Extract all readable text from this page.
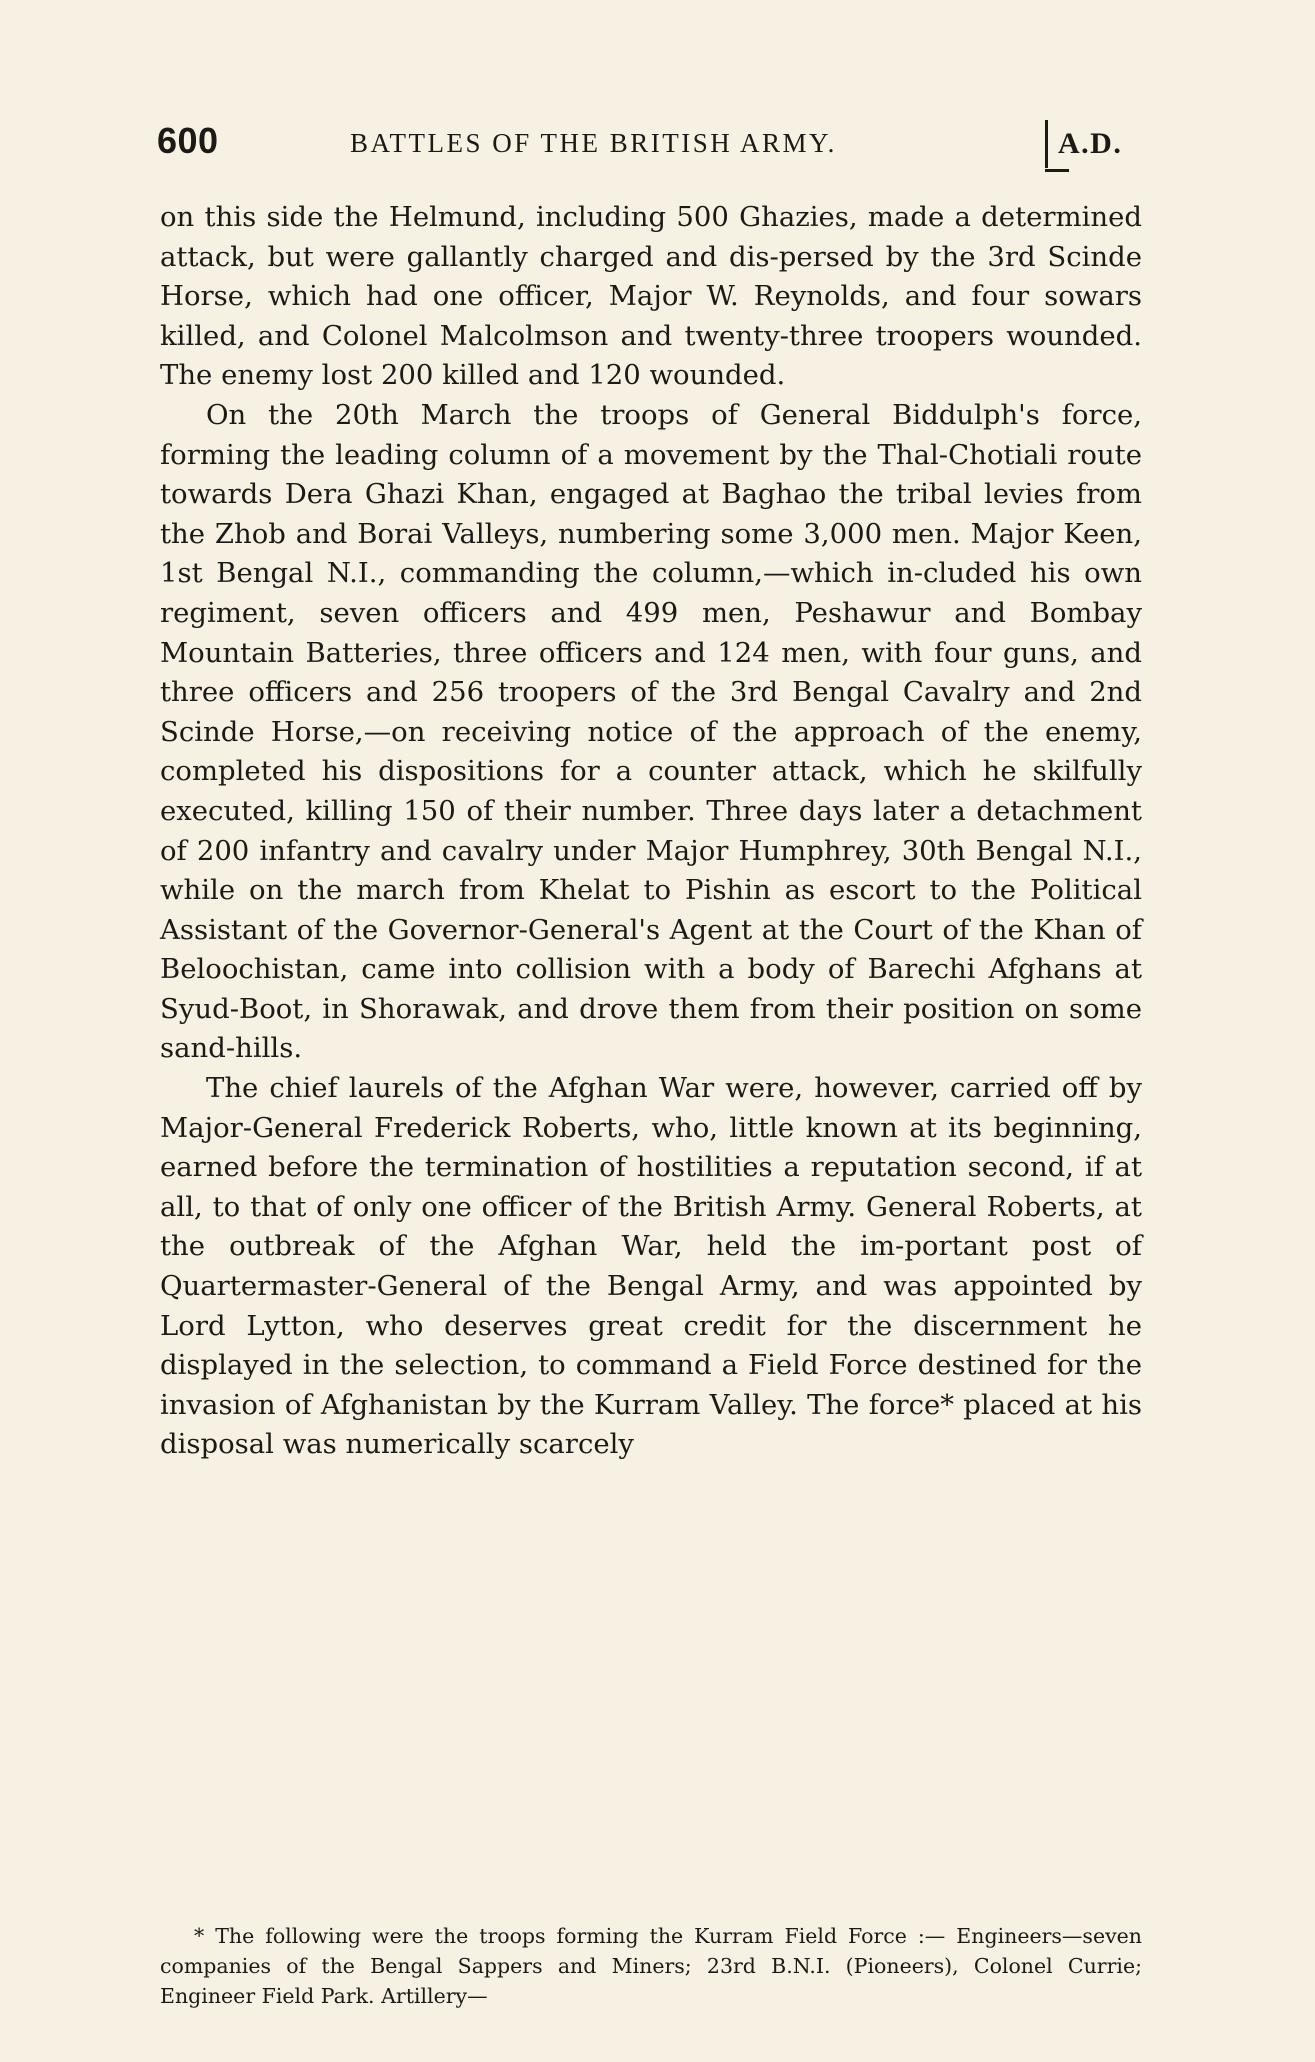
600	BATTLES OF THE BRITISH ARMY.	A.D.

on this side the Helmund, including 500 Ghazies, made a determined attack, but were gallantly charged and dis-persed by the 3rd Scinde Horse, which had one officer, Major W. Reynolds, and four sowars killed, and Colonel Malcolmson and twenty-three troopers wounded. The enemy lost 200 killed and 120 wounded.

On the 20th March the troops of General Biddulph's force, forming the leading column of a movement by the Thal-Chotiali route towards Dera Ghazi Khan, engaged at Baghao the tribal levies from the Zhob and Borai Valleys, numbering some 3,000 men. Major Keen, 1st Bengal N.I., commanding the column,—which in-cluded his own regiment, seven officers and 499 men, Peshawur and Bombay Mountain Batteries, three officers and 124 men, with four guns, and three officers and 256 troopers of the 3rd Bengal Cavalry and 2nd Scinde Horse,—on receiving notice of the approach of the enemy, completed his dispositions for a counter attack, which he skilfully executed, killing 150 of their number. Three days later a detachment of 200 infantry and cavalry under Major Humphrey, 30th Bengal N.I., while on the march from Khelat to Pishin as escort to the Political Assistant of the Governor-General's Agent at the Court of the Khan of Beloochistan, came into collision with a body of Barechi Afghans at Syud-Boot, in Shorawak, and drove them from their position on some sand-hills.

The chief laurels of the Afghan War were, however, carried off by Major-General Frederick Roberts, who, little known at its beginning, earned before the termination of hostilities a reputation second, if at all, to that of only one officer of the British Army. General Roberts, at the outbreak of the Afghan War, held the im-portant post of Quartermaster-General of the Bengal Army, and was appointed by Lord Lytton, who deserves great credit for the discernment he displayed in the selection, to command a Field Force destined for the invasion of Afghanistan by the Kurram Valley. The force* placed at his disposal was numerically scarcely

* The following were the troops forming the Kurram Field Force :— Engineers—seven companies of the Bengal Sappers and Miners; 23rd B.N.I. (Pioneers), Colonel Currie; Engineer Field Park. Artillery—
